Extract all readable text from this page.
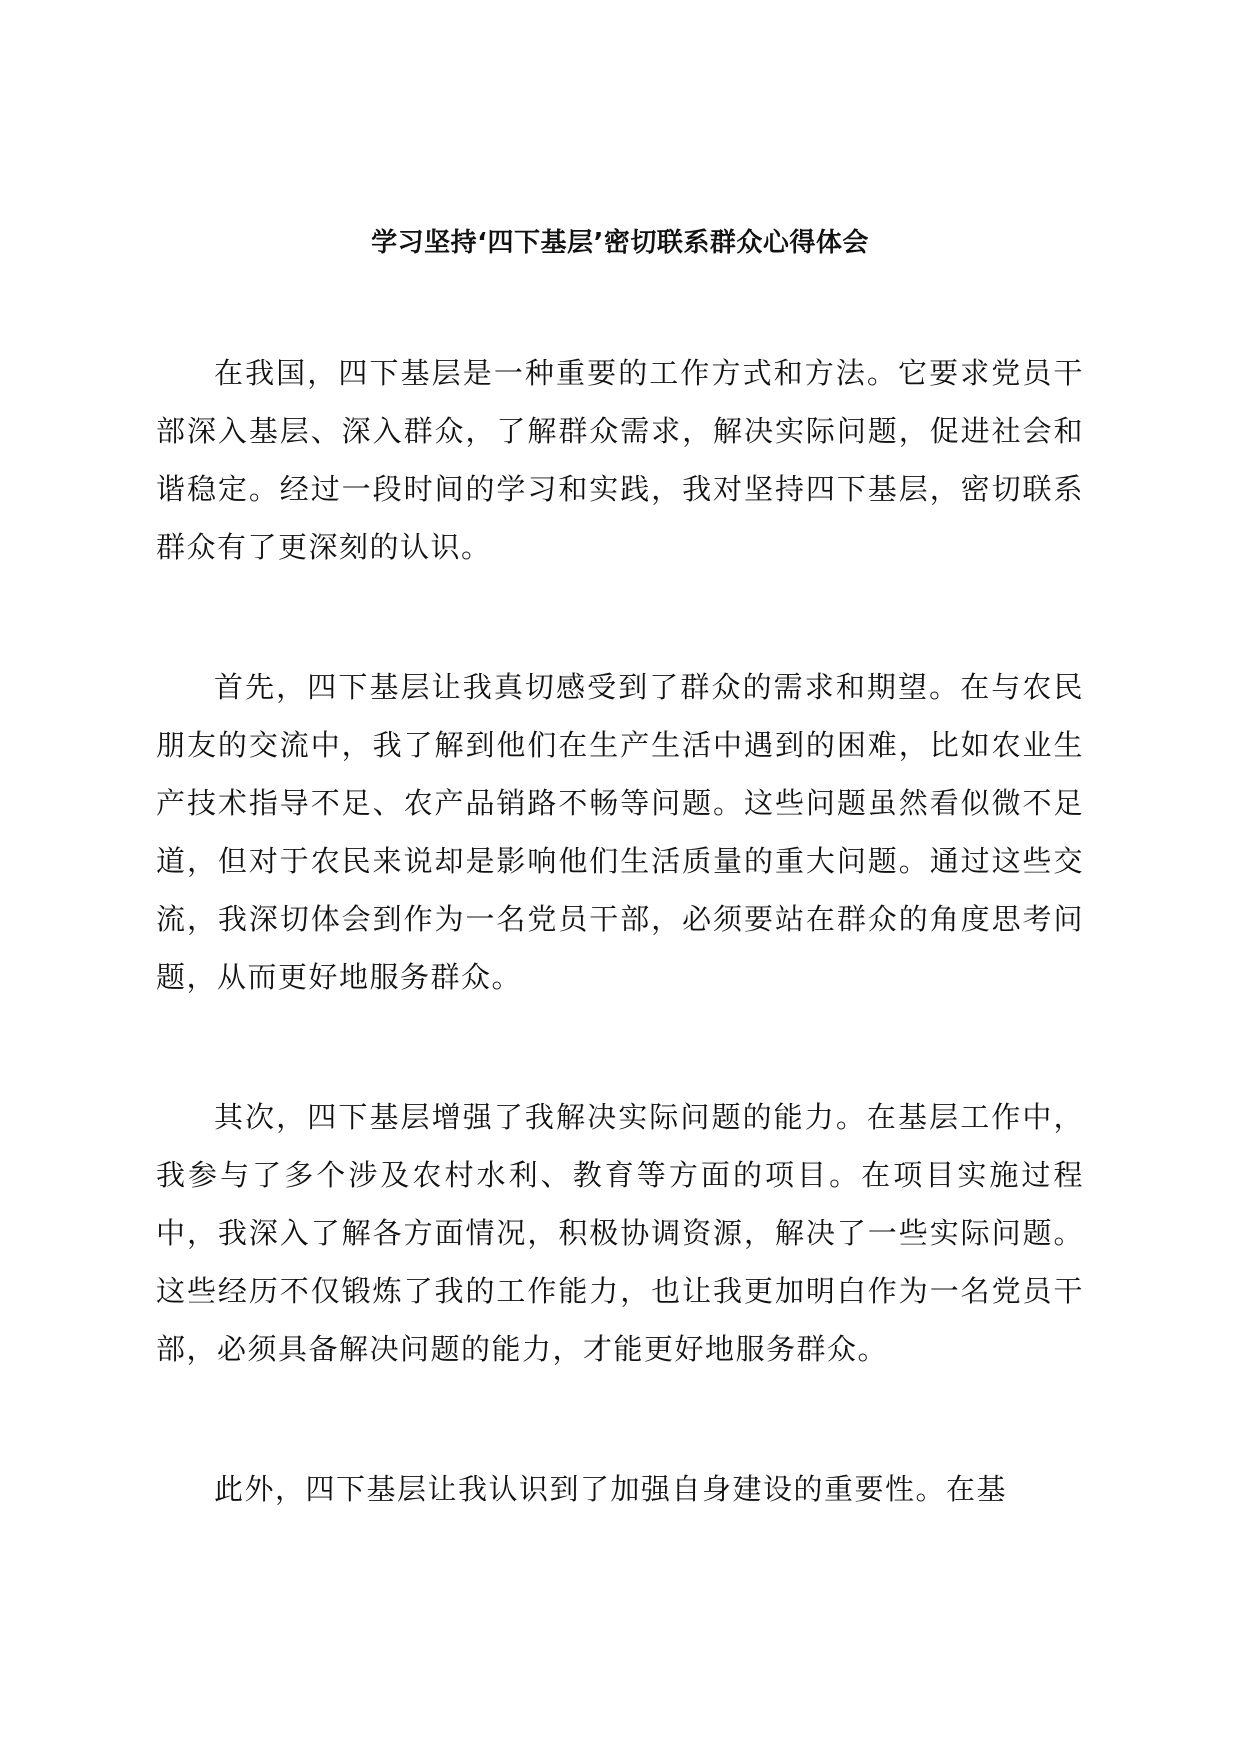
学习坚持‘四下基层’密切联系群众心得体会

在我国，四下基层是一种重要的工作方式和方法。它要求党员干部深入基层、深入群众，了解群众需求，解决实际问题，促进社会和谐稳定。经过一段时间的学习和实践，我对坚持四下基层，密切联系群众有了更深刻的认识。

首先，四下基层让我真切感受到了群众的需求和期望。在与农民朋友的交流中，我了解到他们在生产生活中遇到的困难，比如农业生产技术指导不足、农产品销路不畅等问题。这些问题虽然看似微不足道，但对于农民来说却是影响他们生活质量的重大问题。通过这些交流，我深切体会到作为一名党员干部，必须要站在群众的角度思考问题，从而更好地服务群众。

其次，四下基层增强了我解决实际问题的能力。在基层工作中，我参与了多个涉及农村水利、教育等方面的项目。在项目实施过程中，我深入了解各方面情况，积极协调资源，解决了一些实际问题。这些经历不仅锻炼了我的工作能力，也让我更加明白作为一名党员干部，必须具备解决问题的能力，才能更好地服务群众。

此外，四下基层让我认识到了加强自身建设的重要性。在基
